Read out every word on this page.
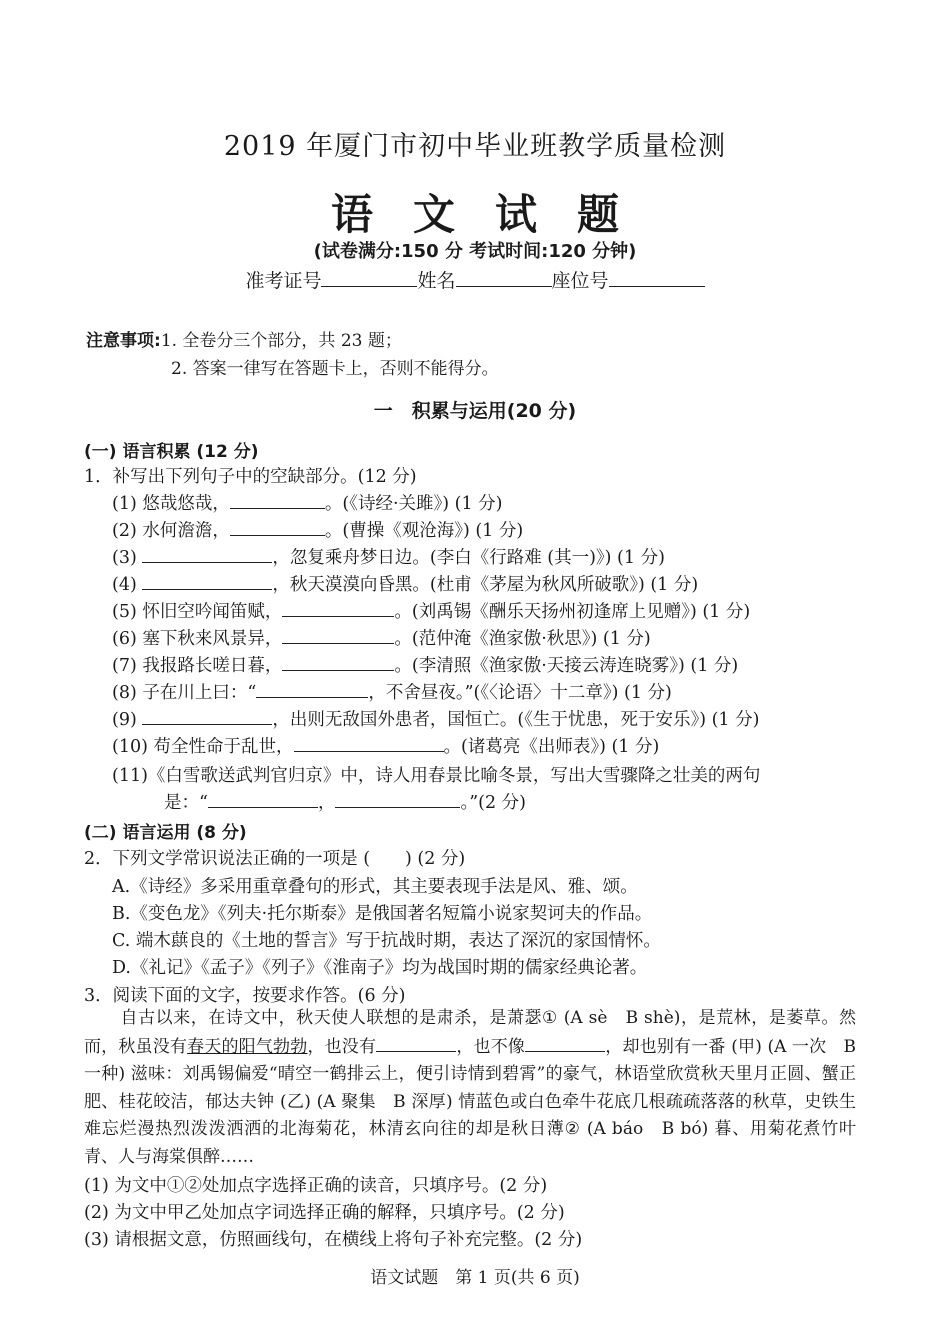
2019 年厦门市初中毕业班教学质量检测
语文试题
(试卷满分:150 分 考试时间:120 分钟)
准考证号	姓名	座位号
注意事项:1. 全卷分三个部分，共 23 题；
2. 答案一律写在答题卡上，否则不能得分。
一　积累与运用(20 分)
(一) 语言积累 (12 分)
1．补写出下列句子中的空缺部分。(12 分)
(1) 悠哉悠哉，	。(《诗经·关雎》) (1 分)
(2) 水何澹澹，	。(曹操《观沧海》) (1 分)
(3)	，忽复乘舟梦日边。(李白《行路难 (其一)》) (1 分)
(4)	，秋天漠漠向昏黑。(杜甫《茅屋为秋风所破歌》) (1 分)
(5) 怀旧空吟闻笛赋，	。(刘禹锡《酬乐天扬州初逢席上见赠》) (1 分)
(6) 塞下秋来风景异，	。(范仲淹《渔家傲·秋思》) (1 分)
(7) 我报路长嗟日暮，	。(李清照《渔家傲·天接云涛连晓雾》) (1 分)
(8) 子在川上曰：“	，不舍昼夜。”(《〈论语〉十二章》) (1 分)
(9)	，出则无敌国外患者，国恒亡。(《生于忧患，死于安乐》) (1 分)
(10) 苟全性命于乱世，	。(诸葛亮《出师表》) (1 分)
(11)《白雪歌送武判官归京》中，诗人用春景比喻冬景，写出大雪骤降之壮美的两句
是：“	，	。”(2 分)
(二) 语言运用 (8 分)
2．下列文学常识说法正确的一项是 (　　) (2 分)
A.《诗经》多采用重章叠句的形式，其主要表现手法是风、雅、颂。
B.《变色龙》《列夫·托尔斯泰》是俄国著名短篇小说家契诃夫的作品。
C. 端木蕻良的《土地的誓言》写于抗战时期，表达了深沉的家国情怀。
D.《礼记》《孟子》《列子》《淮南子》均为战国时期的儒家经典论著。
3．阅读下面的文字，按要求作答。(6 分)
自古以来，在诗文中，秋天使人联想的是肃杀，是萧瑟① (A sè　B shè)，是荒林，是萎草。然而，秋虽没有春天的阳气勃勃，也没有	，也不像	，却也别有一番 (甲) (A 一次　B 一种) 滋味：刘禹锡偏爱“晴空一鹤排云上，便引诗情到碧霄”的豪气，林语堂欣赏秋天里月正圆、蟹正肥、桂花皎洁，郁达夫钟 (乙) (A 聚集　B 深厚) 情蓝色或白色牵牛花底几根疏疏落落的秋草，史铁生难忘烂漫热烈泼泼洒洒的北海菊花，林清玄向往的却是秋日薄② (A báo　B bó) 暮、用菊花煮竹叶青、人与海棠俱醉……
(1) 为文中①②处加点字选择正确的读音，只填序号。(2 分)
(2) 为文中甲乙处加点字词选择正确的解释，只填序号。(2 分)
(3) 请根据文意，仿照画线句，在横线上将句子补充完整。(2 分)
语文试题　第 1 页(共 6 页)
